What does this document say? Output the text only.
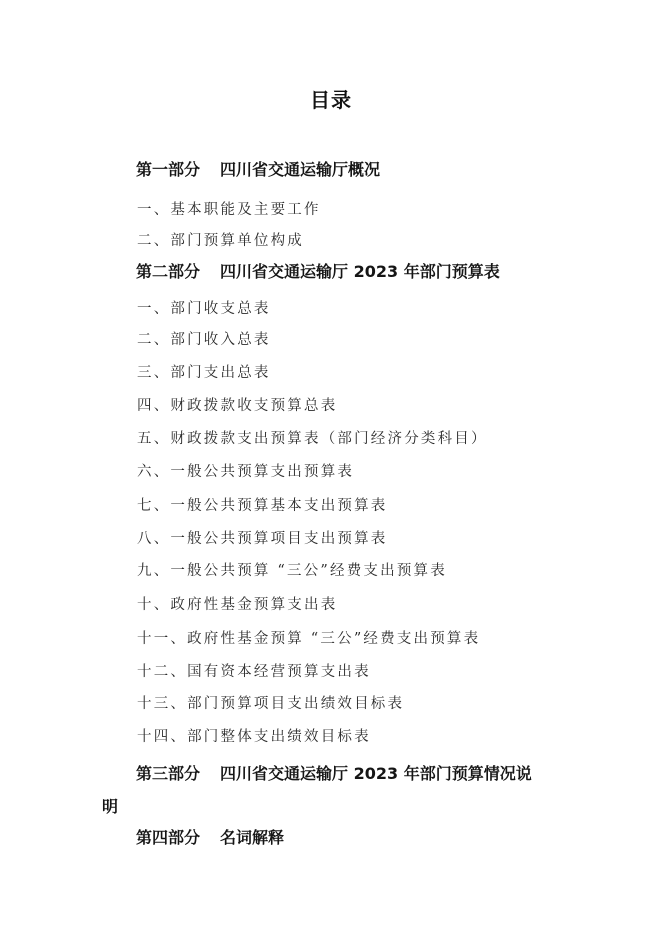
目录
第一部分 四川省交通运输厅概况
一、基本职能及主要工作
二、部门预算单位构成
第二部分 四川省交通运输厅 2023 年部门预算表
一、部门收支总表
二、部门收入总表
三、部门支出总表
四、财政拨款收支预算总表
五、财政拨款支出预算表（部门经济分类科目）
六、一般公共预算支出预算表
七、一般公共预算基本支出预算表
八、一般公共预算项目支出预算表
九、一般公共预算 “三公”经费支出预算表
十、政府性基金预算支出表
十一、政府性基金预算 “三公”经费支出预算表
十二、国有资本经营预算支出表
十三、部门预算项目支出绩效目标表
十四、部门整体支出绩效目标表
第三部分 四川省交通运输厅 2023 年部门预算情况说
明
第四部分 名词解释
